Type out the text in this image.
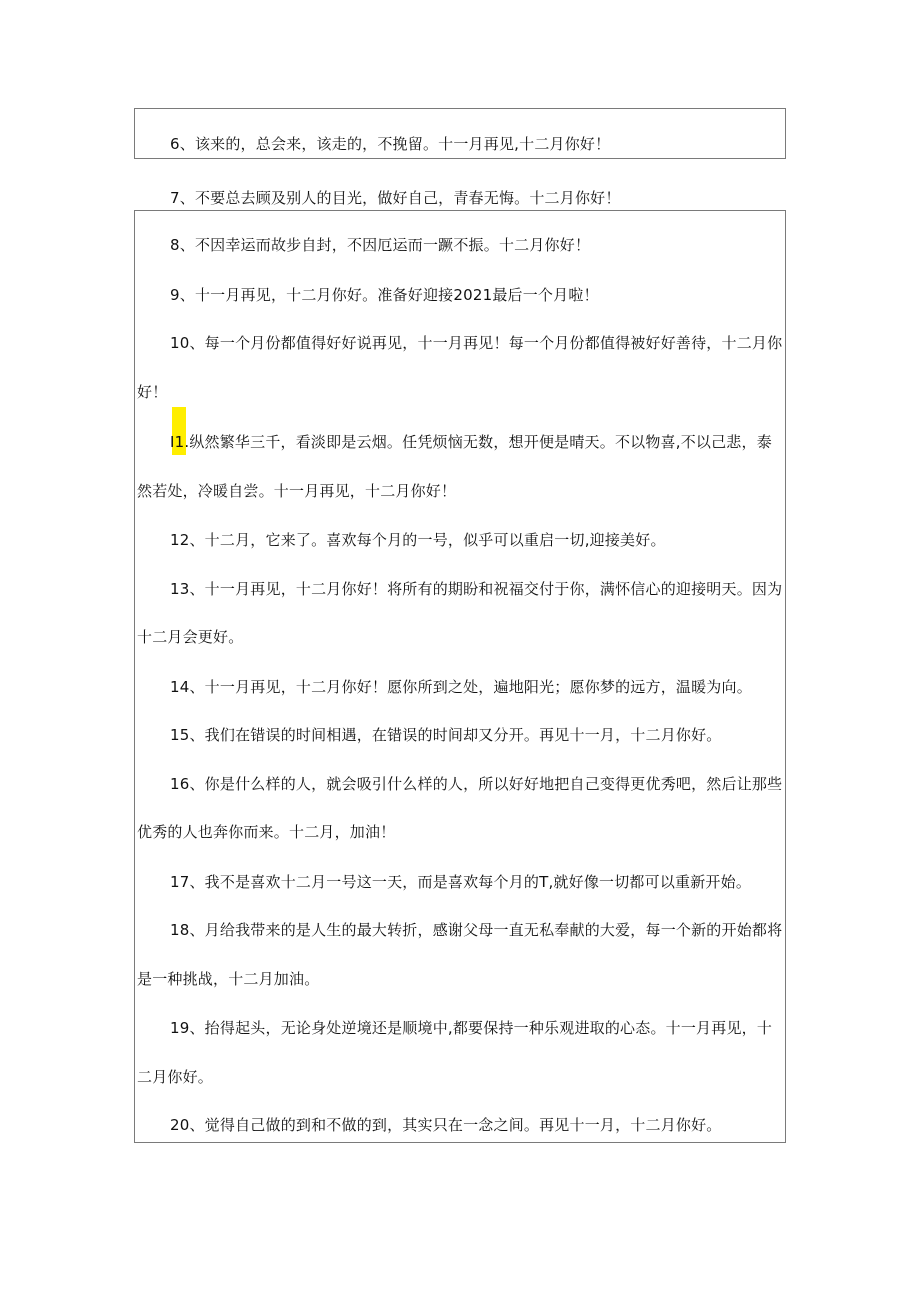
6、该来的，总会来，该走的，不挽留。十一月再见,十二月你好！
7、不要总去顾及别人的目光，做好自己，青春无悔。十二月你好！
8、不因幸运而故步自封，不因厄运而一蹶不振。十二月你好！
9、十一月再见，十二月你好。准备好迎接2021最后一个月啦！
10、每一个月份都值得好好说再见，十一月再见！每一个月份都值得被好好善待，十二月你
好！
I1.纵然繁华三千，看淡即是云烟。任凭烦恼无数，想开便是晴天。不以物喜,不以己悲，泰
然若处，冷暖自尝。十一月再见，十二月你好！
12、十二月，它来了。喜欢每个月的一号，似乎可以重启一切,迎接美好。
13、十一月再见，十二月你好！将所有的期盼和祝福交付于你，满怀信心的迎接明天。因为
十二月会更好。
14、十一月再见，十二月你好！愿你所到之处，遍地阳光；愿你梦的远方，温暖为向。
15、我们在错误的时间相遇，在错误的时间却又分开。再见十一月，十二月你好。
16、你是什么样的人，就会吸引什么样的人，所以好好地把自己变得更优秀吧，然后让那些
优秀的人也奔你而来。十二月，加油！
17、我不是喜欢十二月一号这一天，而是喜欢每个月的T,就好像一切都可以重新开始。
18、月给我带来的是人生的最大转折，感谢父母一直无私奉献的大爱，每一个新的开始都将
是一种挑战，十二月加油。
19、抬得起头，无论身处逆境还是顺境中,都要保持一种乐观进取的心态。十一月再见，十
二月你好。
20、觉得自己做的到和不做的到，其实只在一念之间。再见十一月，十二月你好。
